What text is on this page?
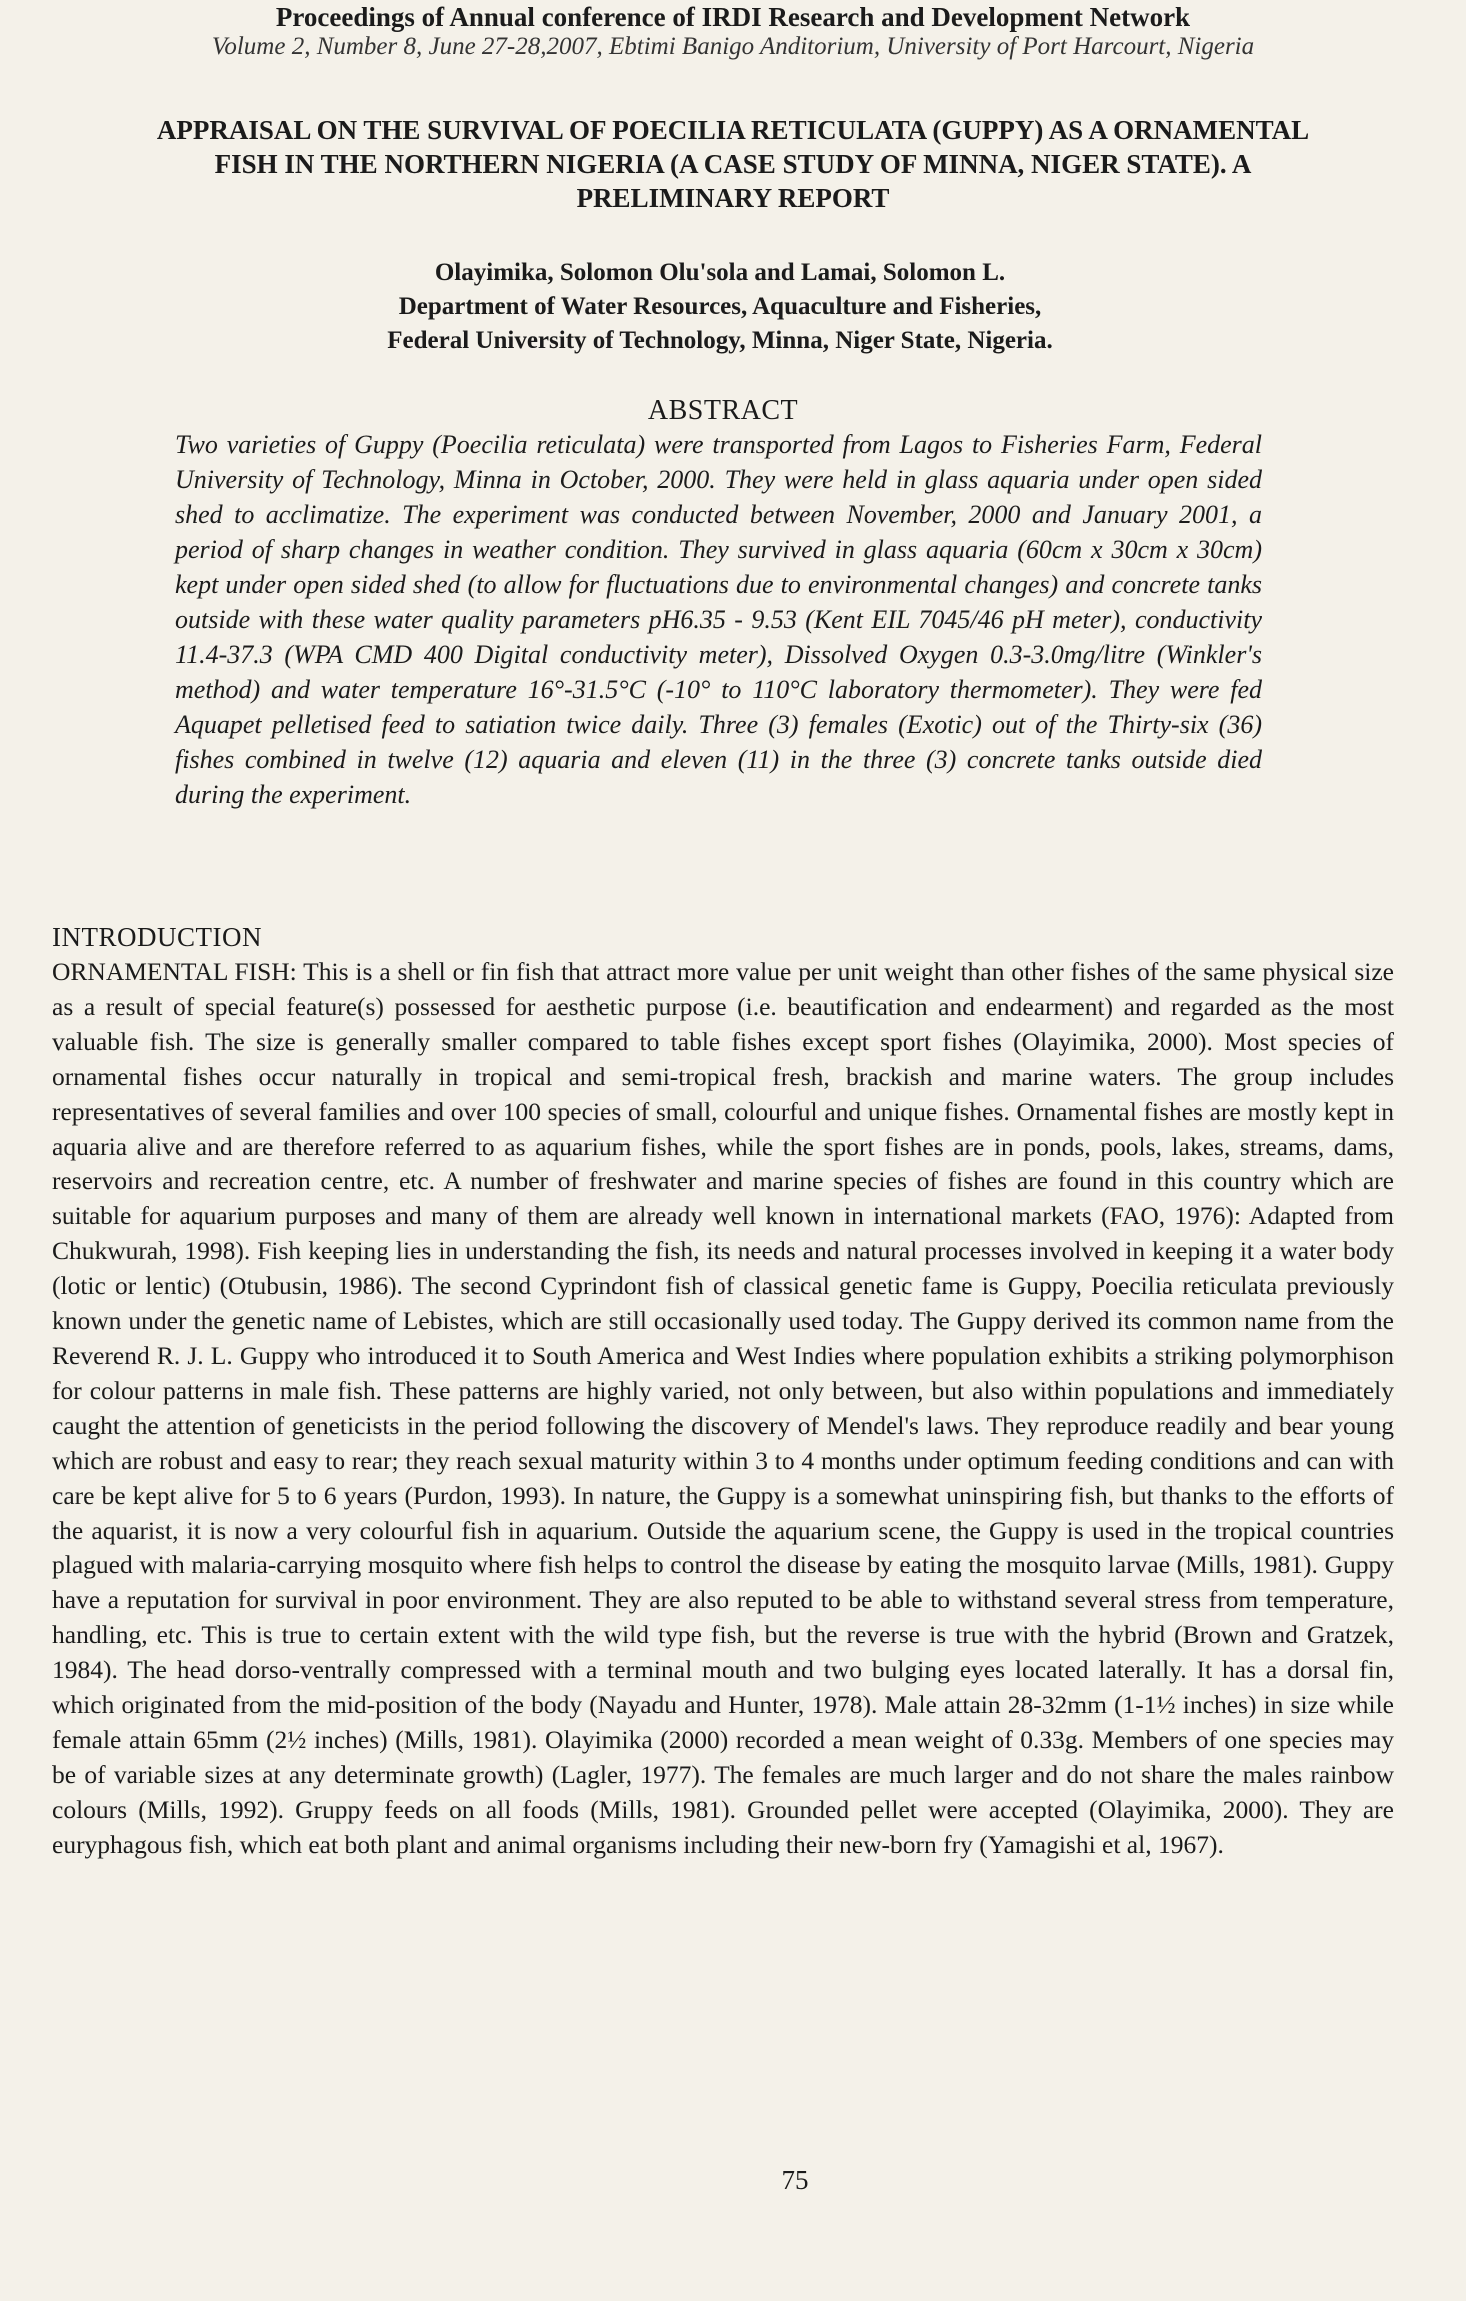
Proceedings of Annual conference of IRDI Research and Development Network
Volume 2, Number 8, June 27-28,2007, Ebtimi Banigo Anditorium, University of Port Harcourt, Nigeria
APPRAISAL ON THE SURVIVAL OF POECILIA RETICULATA (GUPPY) AS A ORNAMENTAL
FISH IN THE NORTHERN NIGERIA (A CASE STUDY OF MINNA, NIGER STATE). A
PRELIMINARY REPORT
Olayimika, Solomon Olu'sola and Lamai, Solomon L.
Department of Water Resources, Aquaculture and Fisheries,
Federal University of Technology, Minna, Niger State, Nigeria.
ABSTRACT
Two varieties of Guppy (Poecilia reticulata) were transported from Lagos to Fisheries Farm, Federal University of Technology, Minna in October, 2000. They were held in glass aquaria under open sided shed to acclimatize. The experiment was conducted between November, 2000 and January 2001, a period of sharp changes in weather condition. They survived in glass aquaria (60cm x 30cm x 30cm) kept under open sided shed (to allow for fluctuations due to environmental changes) and concrete tanks outside with these water quality parameters pH6.35 - 9.53 (Kent EIL 7045/46 pH meter), conductivity 11.4-37.3 (WPA CMD 400 Digital conductivity meter), Dissolved Oxygen 0.3-3.0mg/litre (Winkler's method) and water temperature 16°-31.5°C (-10° to 110°C laboratory thermometer). They were fed Aquapet pelletised feed to satiation twice daily. Three (3) females (Exotic) out of the Thirty-six (36) fishes combined in twelve (12) aquaria and eleven (11) in the three (3) concrete tanks outside died during the experiment.
INTRODUCTION
ORNAMENTAL FISH: This is a shell or fin fish that attract more value per unit weight than other fishes of the same physical size as a result of special feature(s) possessed for aesthetic purpose (i.e. beautification and endearment) and regarded as the most valuable fish. The size is generally smaller compared to table fishes except sport fishes (Olayimika, 2000). Most species of ornamental fishes occur naturally in tropical and semi-tropical fresh, brackish and marine waters. The group includes representatives of several families and over 100 species of small, colourful and unique fishes. Ornamental fishes are mostly kept in aquaria alive and are therefore referred to as aquarium fishes, while the sport fishes are in ponds, pools, lakes, streams, dams, reservoirs and recreation centre, etc. A number of freshwater and marine species of fishes are found in this country which are suitable for aquarium purposes and many of them are already well known in international markets (FAO, 1976): Adapted from Chukwurah, 1998). Fish keeping lies in understanding the fish, its needs and natural processes involved in keeping it a water body (lotic or lentic) (Otubusin, 1986). The second Cyprindont fish of classical genetic fame is Guppy, Poecilia reticulata previously known under the genetic name of Lebistes, which are still occasionally used today. The Guppy derived its common name from the Reverend R. J. L. Guppy who introduced it to South America and West Indies where population exhibits a striking polymorphison for colour patterns in male fish. These patterns are highly varied, not only between, but also within populations and immediately caught the attention of geneticists in the period following the discovery of Mendel's laws. They reproduce readily and bear young which are robust and easy to rear; they reach sexual maturity within 3 to 4 months under optimum feeding conditions and can with care be kept alive for 5 to 6 years (Purdon, 1993). In nature, the Guppy is a somewhat uninspiring fish, but thanks to the efforts of the aquarist, it is now a very colourful fish in aquarium. Outside the aquarium scene, the Guppy is used in the tropical countries plagued with malaria-carrying mosquito where fish helps to control the disease by eating the mosquito larvae (Mills, 1981). Guppy have a reputation for survival in poor environment. They are also reputed to be able to withstand several stress from temperature, handling, etc. This is true to certain extent with the wild type fish, but the reverse is true with the hybrid (Brown and Gratzek, 1984). The head dorso-ventrally compressed with a terminal mouth and two bulging eyes located laterally. It has a dorsal fin, which originated from the mid-position of the body (Nayadu and Hunter, 1978). Male attain 28-32mm (1-1½ inches) in size while female attain 65mm (2½ inches) (Mills, 1981). Olayimika (2000) recorded a mean weight of 0.33g. Members of one species may be of variable sizes at any determinate growth) (Lagler, 1977). The females are much larger and do not share the males rainbow colours (Mills, 1992). Gruppy feeds on all foods (Mills, 1981). Grounded pellet were accepted (Olayimika, 2000). They are euryphagous fish, which eat both plant and animal organisms including their new-born fry (Yamagishi et al, 1967).
75
